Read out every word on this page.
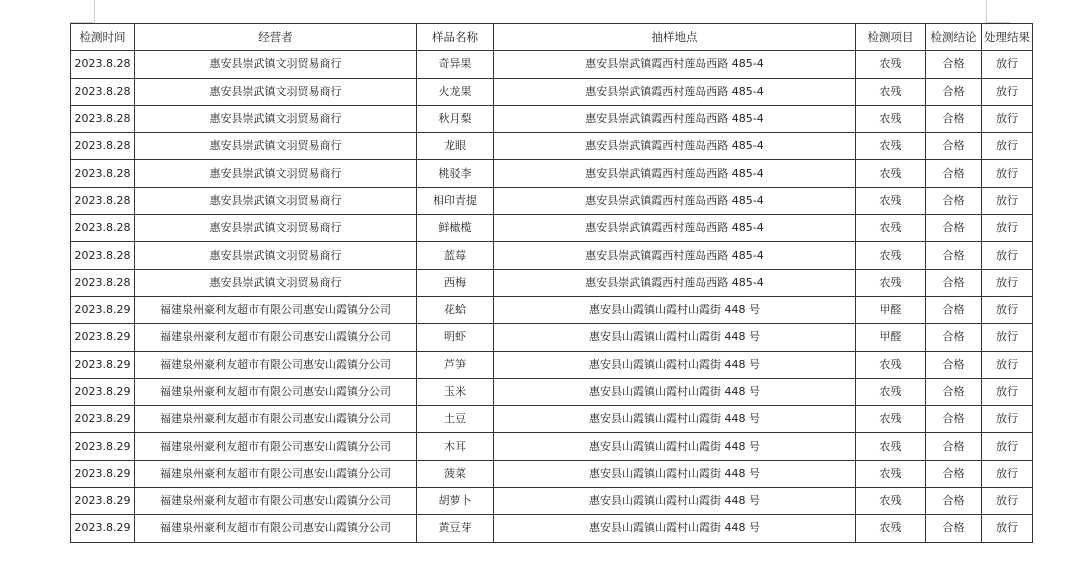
检测时间	经营者	样品名称	抽样地点	检测项目	检测结论	处理结果
2023.8.28	惠安县崇武镇文羽贸易商行	奇异果	惠安县崇武镇霞西村莲岛西路 485-4	农残	合格	放行
2023.8.28	惠安县崇武镇文羽贸易商行	火龙果	惠安县崇武镇霞西村莲岛西路 485-4	农残	合格	放行
2023.8.28	惠安县崇武镇文羽贸易商行	秋月梨	惠安县崇武镇霞西村莲岛西路 485-4	农残	合格	放行
2023.8.28	惠安县崇武镇文羽贸易商行	龙眼	惠安县崇武镇霞西村莲岛西路 485-4	农残	合格	放行
2023.8.28	惠安县崇武镇文羽贸易商行	桃驳李	惠安县崇武镇霞西村莲岛西路 485-4	农残	合格	放行
2023.8.28	惠安县崇武镇文羽贸易商行	相印青提	惠安县崇武镇霞西村莲岛西路 485-4	农残	合格	放行
2023.8.28	惠安县崇武镇文羽贸易商行	鲜橄榄	惠安县崇武镇霞西村莲岛西路 485-4	农残	合格	放行
2023.8.28	惠安县崇武镇文羽贸易商行	蓝莓	惠安县崇武镇霞西村莲岛西路 485-4	农残	合格	放行
2023.8.28	惠安县崇武镇文羽贸易商行	西梅	惠安县崇武镇霞西村莲岛西路 485-4	农残	合格	放行
2023.8.29	福建泉州豪利友超市有限公司惠安山霞镇分公司	花蛤	惠安县山霞镇山霞村山霞街 448 号	甲醛	合格	放行
2023.8.29	福建泉州豪利友超市有限公司惠安山霞镇分公司	明虾	惠安县山霞镇山霞村山霞街 448 号	甲醛	合格	放行
2023.8.29	福建泉州豪利友超市有限公司惠安山霞镇分公司	芦笋	惠安县山霞镇山霞村山霞街 448 号	农残	合格	放行
2023.8.29	福建泉州豪利友超市有限公司惠安山霞镇分公司	玉米	惠安县山霞镇山霞村山霞街 448 号	农残	合格	放行
2023.8.29	福建泉州豪利友超市有限公司惠安山霞镇分公司	土豆	惠安县山霞镇山霞村山霞街 448 号	农残	合格	放行
2023.8.29	福建泉州豪利友超市有限公司惠安山霞镇分公司	木耳	惠安县山霞镇山霞村山霞街 448 号	农残	合格	放行
2023.8.29	福建泉州豪利友超市有限公司惠安山霞镇分公司	菠菜	惠安县山霞镇山霞村山霞街 448 号	农残	合格	放行
2023.8.29	福建泉州豪利友超市有限公司惠安山霞镇分公司	胡萝卜	惠安县山霞镇山霞村山霞街 448 号	农残	合格	放行
2023.8.29	福建泉州豪利友超市有限公司惠安山霞镇分公司	黄豆芽	惠安县山霞镇山霞村山霞街 448 号	农残	合格	放行
